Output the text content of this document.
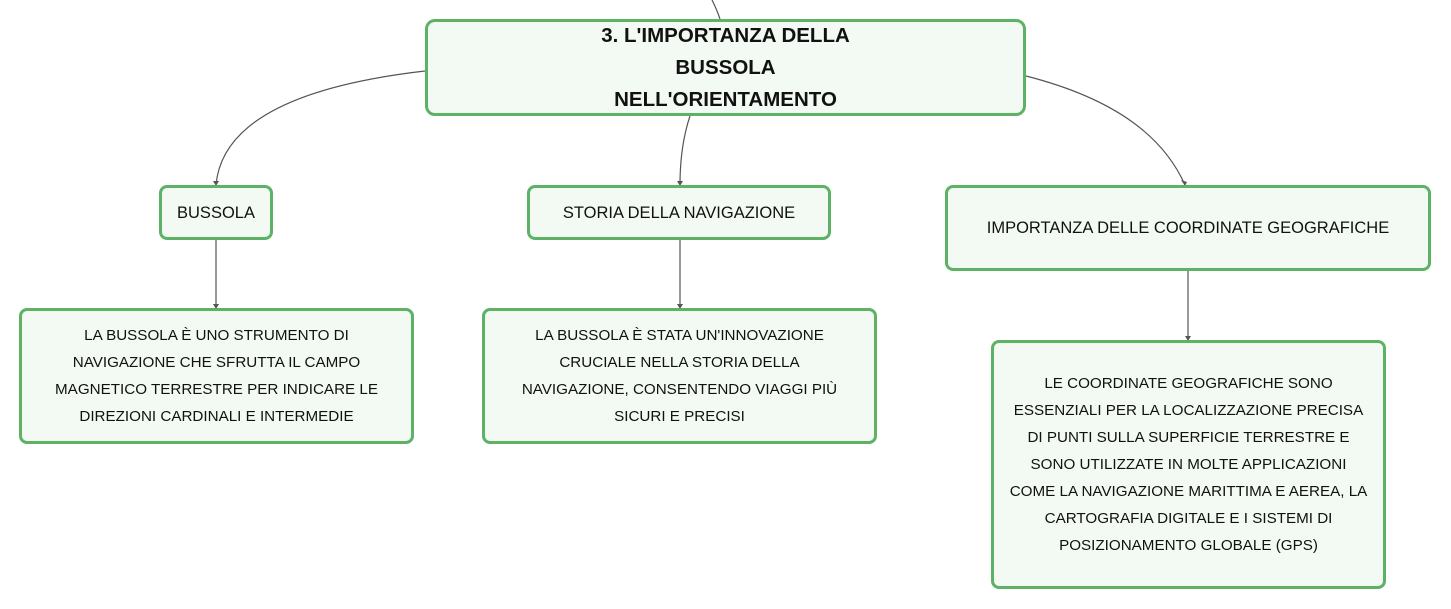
3. L'IMPORTANZA DELLA BUSSOLA NELL'ORIENTAMENTO
BUSSOLA	STORIA DELLA NAVIGAZIONE
IMPORTANZA DELLE COORDINATE GEOGRAFICHE
LA BUSSOLA È UNO STRUMENTO DI NAVIGAZIONE CHE SFRUTTA IL CAMPO MAGNETICO TERRESTRE PER INDICARE LE DIREZIONI CARDINALI E INTERMEDIE
LA BUSSOLA È STATA UN'INNOVAZIONE CRUCIALE NELLA STORIA DELLA NAVIGAZIONE, CONSENTENDO VIAGGI PIÙ SICURI E PRECISI
LE COORDINATE GEOGRAFICHE SONO ESSENZIALI PER LA LOCALIZZAZIONE PRECISA DI PUNTI SULLA SUPERFICIE TERRESTRE E SONO UTILIZZATE IN MOLTE APPLICAZIONI COME LA NAVIGAZIONE MARITTIMA E AEREA, LA CARTOGRAFIA DIGITALE E I SISTEMI DI POSIZIONAMENTO GLOBALE (GPS)
